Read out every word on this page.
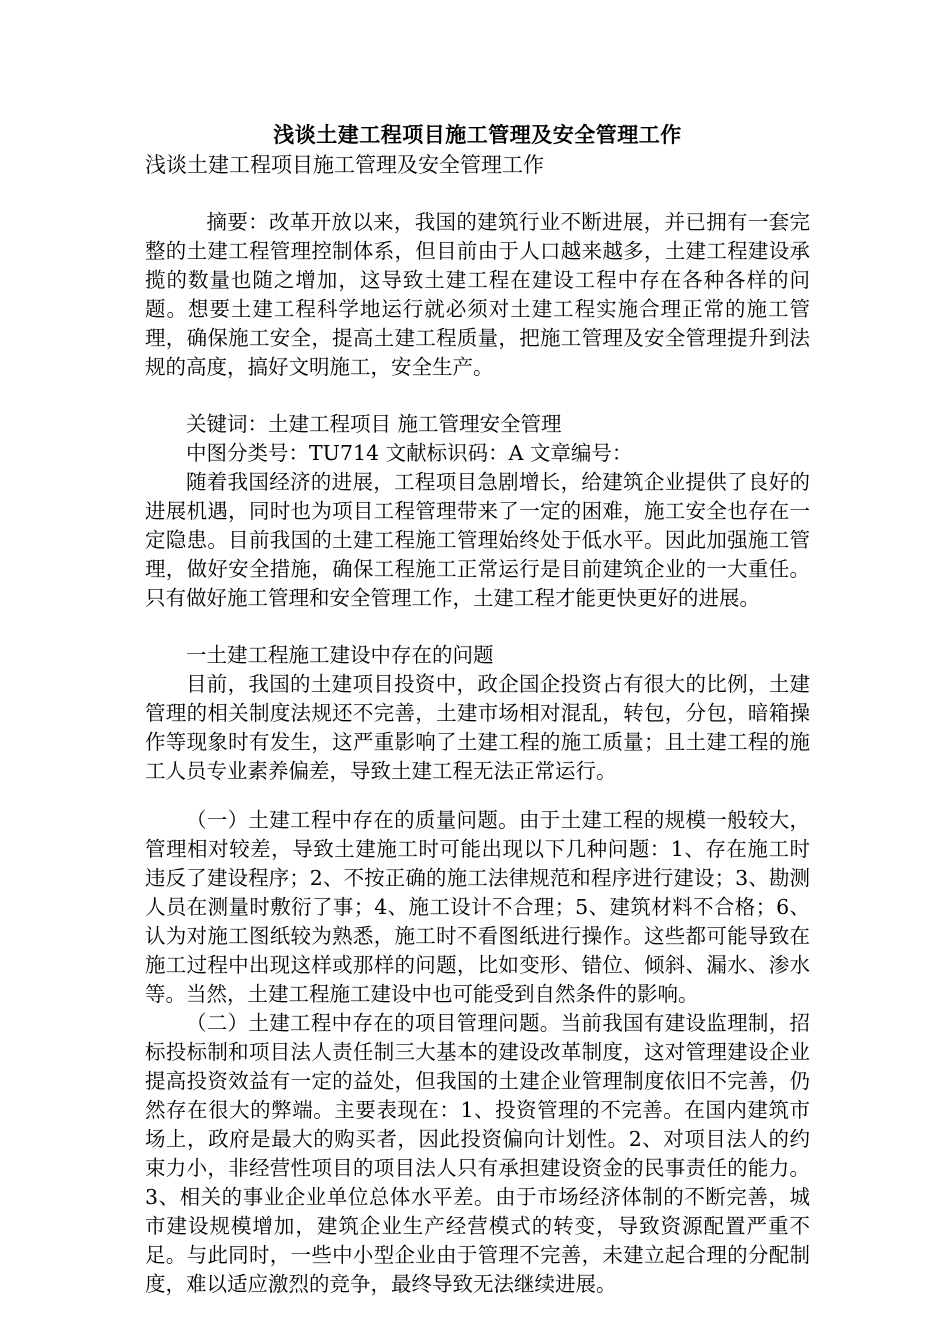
浅谈土建工程项目施工管理及安全管理工作
浅谈土建工程项目施工管理及安全管理工作

摘要：改革开放以来，我国的建筑行业不断进展，并已拥有一套完整的土建工程管理控制体系，但目前由于人口越来越多，土建工程建设承揽的数量也随之增加，这导致土建工程在建设工程中存在各种各样的问题。想要土建工程科学地运行就必须对土建工程实施合理正常的施工管理，确保施工安全，提高土建工程质量，把施工管理及安全管理提升到法规的高度，搞好文明施工，安全生产。

关键词：土建工程项目 施工管理安全管理

中图分类号：TU714 文献标识码：A 文章编号：

随着我国经济的进展，工程项目急剧增长，给建筑企业提供了良好的进展机遇，同时也为项目工程管理带来了一定的困难，施工安全也存在一定隐患。目前我国的土建工程施工管理始终处于低水平。因此加强施工管理，做好安全措施，确保工程施工正常运行是目前建筑企业的一大重任。只有做好施工管理和安全管理工作，土建工程才能更快更好的进展。

一土建工程施工建设中存在的问题

目前，我国的土建项目投资中，政企国企投资占有很大的比例，土建管理的相关制度法规还不完善，土建市场相对混乱，转包，分包，暗箱操作等现象时有发生，这严重影响了土建工程的施工质量；且土建工程的施工人员专业素养偏差，导致土建工程无法正常运行。

（一）土建工程中存在的质量问题。由于土建工程的规模一般较大，管理相对较差，导致土建施工时可能出现以下几种问题：1、存在施工时违反了建设程序；2、不按正确的施工法律规范和程序进行建设；3、勘测人员在测量时敷衍了事；4、施工设计不合理；5、建筑材料不合格；6、认为对施工图纸较为熟悉，施工时不看图纸进行操作。这些都可能导致在施工过程中出现这样或那样的问题，比如变形、错位、倾斜、漏水、渗水等。当然，土建工程施工建设中也可能受到自然条件的影响。

（二）土建工程中存在的项目管理问题。当前我国有建设监理制，招标投标制和项目法人责任制三大基本的建设改革制度，这对管理建设企业提高投资效益有一定的益处，但我国的土建企业管理制度依旧不完善，仍然存在很大的弊端。主要表现在：1、投资管理的不完善。在国内建筑市场上，政府是最大的购买者，因此投资偏向计划性。2、对项目法人的约束力小，非经营性项目的项目法人只有承担建设资金的民事责任的能力。3、相关的事业企业单位总体水平差。由于市场经济体制的不断完善，城市建设规模增加，建筑企业生产经营模式的转变，导致资源配置严重不足。与此同时，一些中小型企业由于管理不完善，未建立起合理的分配制度，难以适应激烈的竞争，最终导致无法继续进展。
